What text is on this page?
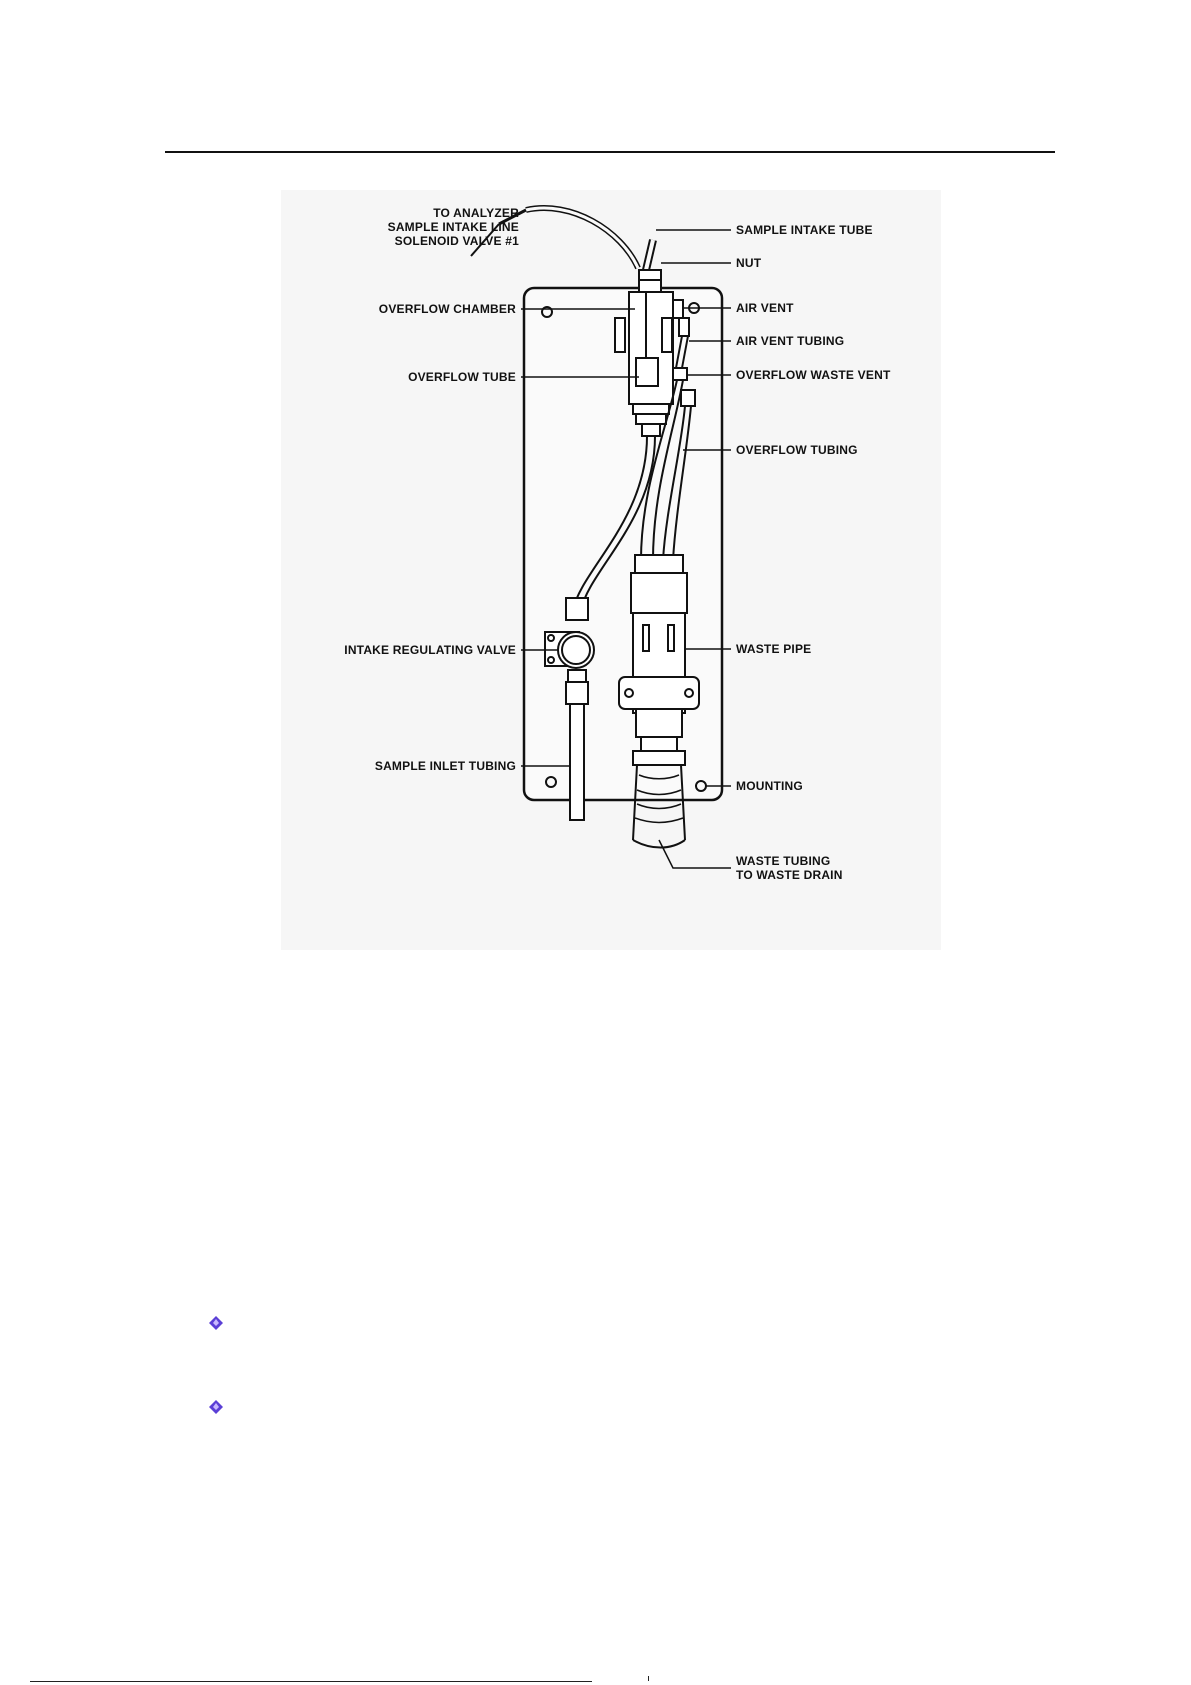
TO ANALYZER
SAMPLE INTAKE LINE
SOLENOID VALVE #1
OVERFLOW CHAMBER
OVERFLOW TUBE
INTAKE REGULATING VALVE
SAMPLE INLET TUBING
SAMPLE INTAKE TUBE
NUT
AIR VENT
AIR VENT TUBING
OVERFLOW WASTE VENT
OVERFLOW TUBING
WASTE PIPE
MOUNTING
WASTE TUBING
TO WASTE DRAIN
